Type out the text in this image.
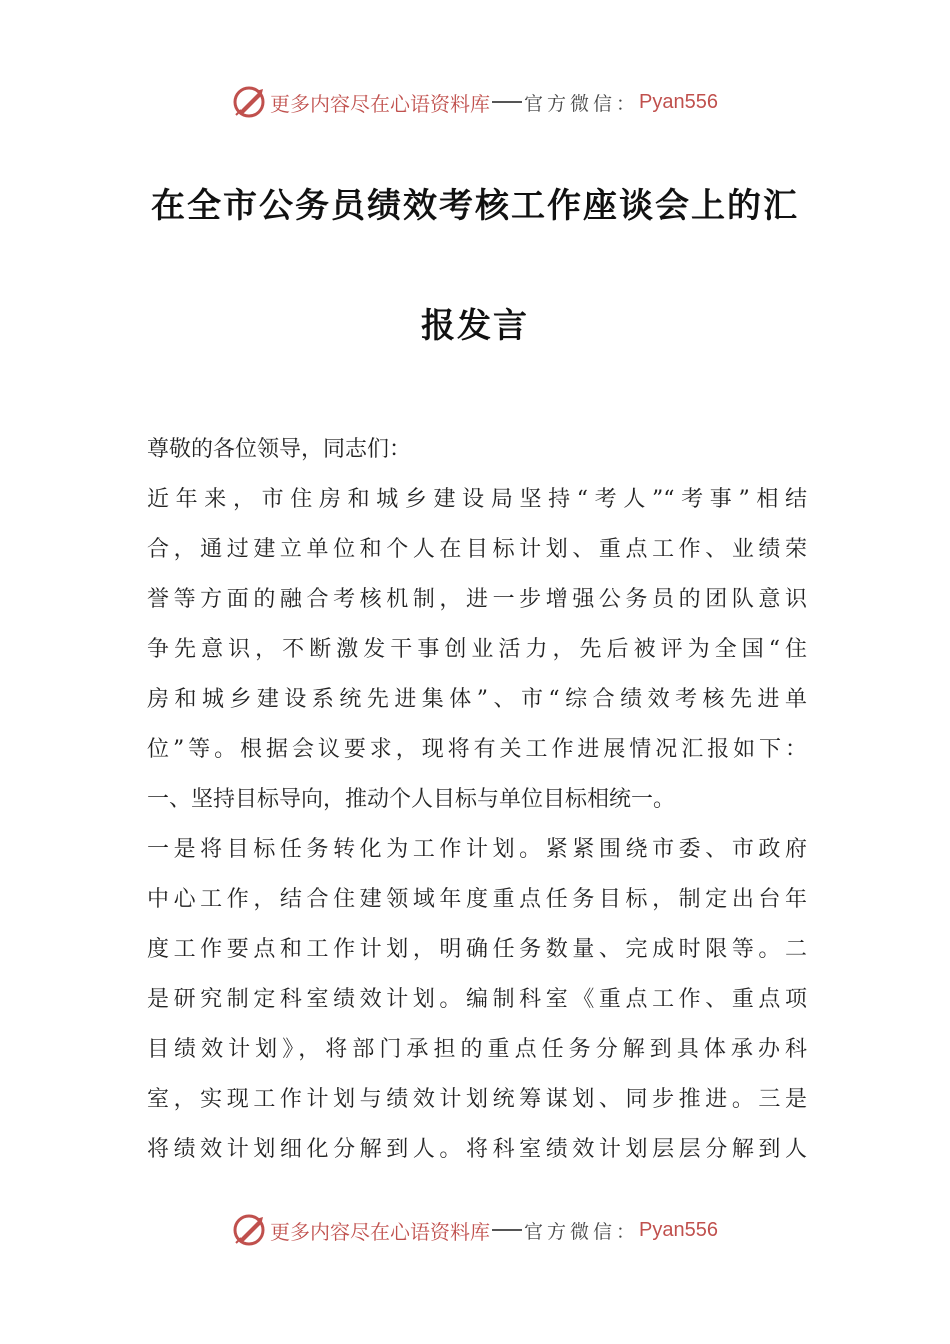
更多内容尽在心语资料库 官方微信： Pyan556
在全市公务员绩效考核工作座谈会上的汇
报发言
尊敬的各位领导，同志们：
近年来，市住房和城乡建设局坚持“考人”“考事”相结
合，通过建立单位和个人在目标计划、重点工作、业绩荣
誉等方面的融合考核机制，进一步增强公务员的团队意识
争先意识，不断激发干事创业活力，先后被评为全国“住
房和城乡建设系统先进集体”、市“综合绩效考核先进单
位”等。根据会议要求，现将有关工作进展情况汇报如下：
一、坚持目标导向，推动个人目标与单位目标相统一。
一是将目标任务转化为工作计划。紧紧围绕市委、市政府
中心工作，结合住建领域年度重点任务目标，制定出台年
度工作要点和工作计划，明确任务数量、完成时限等。二
是研究制定科室绩效计划。编制科室《重点工作、重点项
目绩效计划》，将部门承担的重点任务分解到具体承办科
室，实现工作计划与绩效计划统筹谋划、同步推进。三是
将绩效计划细化分解到人。将科室绩效计划层层分解到人
更多内容尽在心语资料库 官方微信： Pyan556
